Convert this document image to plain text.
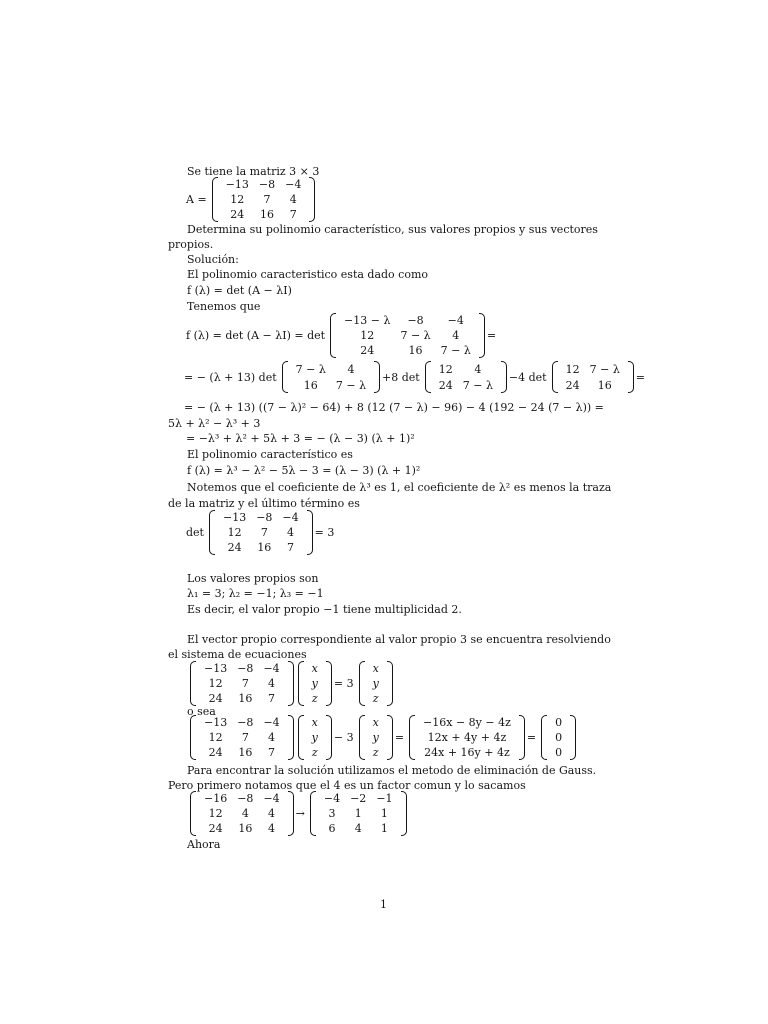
Se tiene la matriz 3 × 3
A =
−13	−8	−4
12	7	4
24	16	7
Determina su polinomio característico, sus valores propios y sus vectores
propios.
Solución:
El polinomio caracteristico esta dado como
f (λ) = det (A − λI)
Tenemos que
f (λ) = det (A − λI) = det
−13 − λ	−8	−4
12	7 − λ	4
24	16	7 − λ
=
= − (λ + 13) det
7 − λ	4
16	7 − λ
+8 det
12	4
24	7 − λ
−4 det
12	7 − λ
24	16
=
= − (λ + 13) ((7 − λ)² − 64) + 8 (12 (7 − λ) − 96) − 4 (192 − 24 (7 − λ)) =
5λ + λ² − λ³ + 3
= −λ³ + λ² + 5λ + 3 = − (λ − 3) (λ + 1)²
El polinomio característico es
f (λ) = λ³ − λ² − 5λ − 3 = (λ − 3) (λ + 1)²
Notemos que el coeficiente de λ³ es 1, el coeficiente de λ² es menos la traza
de la matriz y el último término es
det
−13	−8	−4
12	7	4
24	16	7
= 3
Los valores propios son
λ₁ = 3; λ₂ = −1; λ₃ = −1
Es decir, el valor propio −1 tiene multiplicidad 2.
El vector propio correspondiente al valor propio 3 se encuentra resolviendo
el sistema de ecuaciones
−13	−8	−4
12	7	4
24	16	7
x
y
z
= 3
x
y
z
o sea
−13	−8	−4
12	7	4
24	16	7
x
y
z
− 3
x
y
z
=
−16x − 8y − 4z
12x + 4y + 4z
24x + 16y + 4z
=
0
0
0
Para encontrar la solución utilizamos el metodo de eliminación de Gauss.
Pero primero notamos que el 4 es un factor comun y lo sacamos
−16	−8	−4
12	4	4
24	16	4
→
−4	−2	−1
3	1	1
6	4	1
Ahora
1
